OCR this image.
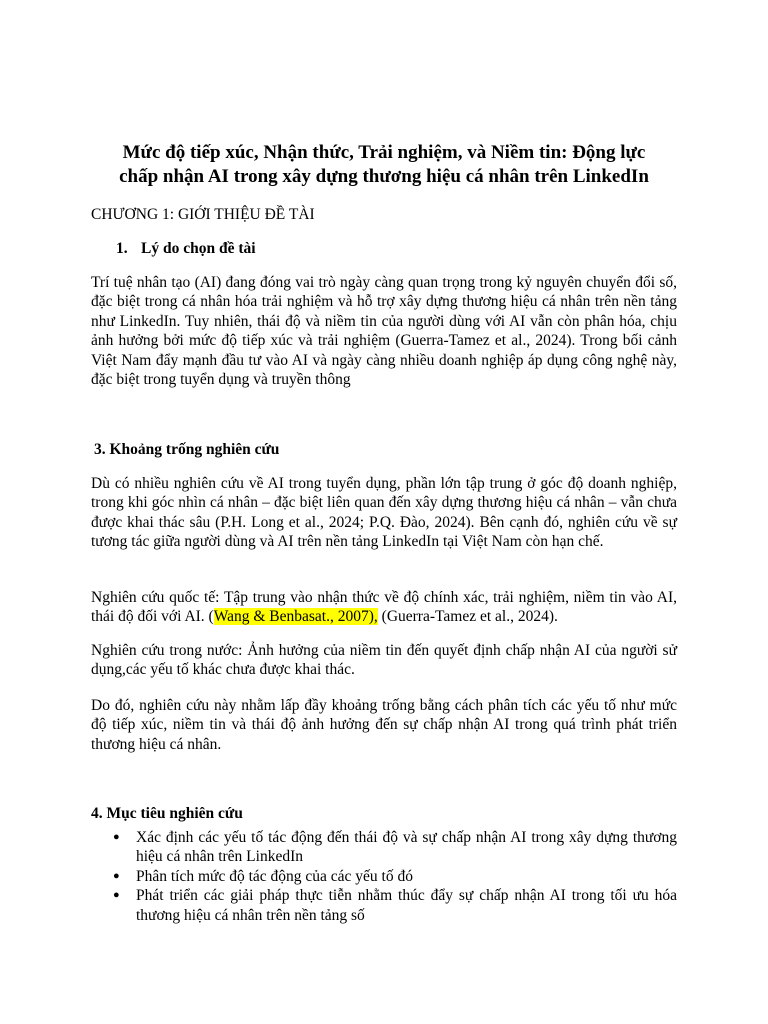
Mức độ tiếp xúc, Nhận thức, Trải nghiệm, và Niềm tin: Động lực
chấp nhận AI trong xây dựng thương hiệu cá nhân trên LinkedIn
CHƯƠNG 1: GIỚI THIỆU ĐỀ TÀI
1. Lý do chọn đề tài
Trí tuệ nhân tạo (AI) đang đóng vai trò ngày càng quan trọng trong kỷ nguyên chuyển đổi số, đặc biệt trong cá nhân hóa trải nghiệm và hỗ trợ xây dựng thương hiệu cá nhân trên nền tảng như LinkedIn. Tuy nhiên, thái độ và niềm tin của người dùng với AI vẫn còn phân hóa, chịu ảnh hưởng bởi mức độ tiếp xúc và trải nghiệm (Guerra-Tamez et al., 2024). Trong bối cảnh Việt Nam đẩy mạnh đầu tư vào AI và ngày càng nhiều doanh nghiệp áp dụng công nghệ này, đặc biệt trong tuyển dụng và truyền thông
3. Khoảng trống nghiên cứu
Dù có nhiều nghiên cứu về AI trong tuyển dụng, phần lớn tập trung ở góc độ doanh nghiệp, trong khi góc nhìn cá nhân – đặc biệt liên quan đến xây dựng thương hiệu cá nhân – vẫn chưa được khai thác sâu (P.H. Long et al., 2024; P.Q. Đào, 2024). Bên cạnh đó, nghiên cứu về sự tương tác giữa người dùng và AI trên nền tảng LinkedIn tại Việt Nam còn hạn chế.
Nghiên cứu quốc tế: Tập trung vào nhận thức về độ chính xác, trải nghiệm, niềm tin vào AI, thái độ đối với AI. (Wang & Benbasat., 2007), (Guerra-Tamez et al., 2024).
Nghiên cứu trong nước: Ảnh hưởng của niềm tin đến quyết định chấp nhận AI của người sử dụng,các yếu tố khác chưa được khai thác.
Do đó, nghiên cứu này nhằm lấp đầy khoảng trống bằng cách phân tích các yếu tố như mức độ tiếp xúc, niềm tin và thái độ ảnh hưởng đến sự chấp nhận AI trong quá trình phát triển thương hiệu cá nhân.
4. Mục tiêu nghiên cứu
● Xác định các yếu tố tác động đến thái độ và sự chấp nhận AI trong xây dựng thương hiệu cá nhân trên LinkedIn
● Phân tích mức độ tác động của các yếu tố đó
● Phát triển các giải pháp thực tiễn nhằm thúc đẩy sự chấp nhận AI trong tối ưu hóa thương hiệu cá nhân trên nền tảng số
